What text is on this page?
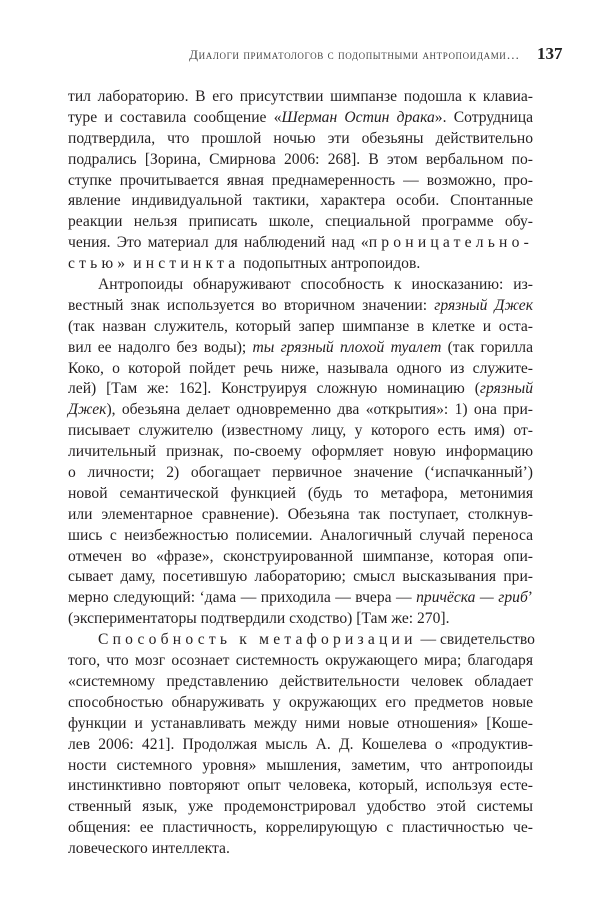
Диалоги приматологов с подопытными антропоидами… 137
тил лабораторию. В его присутствии шимпанзе подошла к клавиа-
туре и составила сообщение «Шерман Остин драка». Сотрудница
подтвердила, что прошлой ночью эти обезьяны действительно
подрались [Зорина, Смирнова 2006: 268]. В этом вербальном по-
ступке прочитывается явная преднамеренность — возможно, про-
явление индивидуальной тактики, характера особи. Спонтанные
реакции нельзя приписать школе, специальной программе обу-
чения. Это материал для наблюдений над «проницательно-
стью» инстинкта подопытных антропоидов.
Антропоиды обнаруживают способность к иносказанию: из-
вестный знак используется во вторичном значении: грязный Джек
(так назван служитель, который запер шимпанзе в клетке и оста-
вил ее надолго без воды); ты грязный плохой туалет (так горилла
Коко, о которой пойдет речь ниже, называла одного из служите-
лей) [Там же: 162]. Конструируя сложную номинацию (грязный
Джек), обезьяна делает одновременно два «открытия»: 1) она при-
писывает служителю (известному лицу, у которого есть имя) от-
личительный признак, по-своему оформляет новую информацию
о личности; 2) обогащает первичное значение (‘испачканный’)
новой семантической функцией (будь то метафора, метонимия
или элементарное сравнение). Обезьяна так поступает, столкнув-
шись с неизбежностью полисемии. Аналогичный случай переноса
отмечен во «фразе», сконструированной шимпанзе, которая опи-
сывает даму, посетившую лабораторию; смысл высказывания при-
мерно следующий: ‘дама — приходила — вчера — причёска — гриб’
(экспериментаторы подтвердили сходство) [Там же: 270].
Способность к метафоризации — свидетельство
того, что мозг осознает системность окружающего мира; благодаря
«системному представлению действительности человек обладает
способностью обнаруживать у окружающих его предметов новые
функции и устанавливать между ними новые отношения» [Коше-
лев 2006: 421]. Продолжая мысль А. Д. Кошелева о «продуктив-
ности системного уровня» мышления, заметим, что антропоиды
инстинктивно повторяют опыт человека, который, используя есте-
ственный язык, уже продемонстрировал удобство этой системы
общения: ее пластичность, коррелирующую с пластичностью че-
ловеческого интеллекта.
